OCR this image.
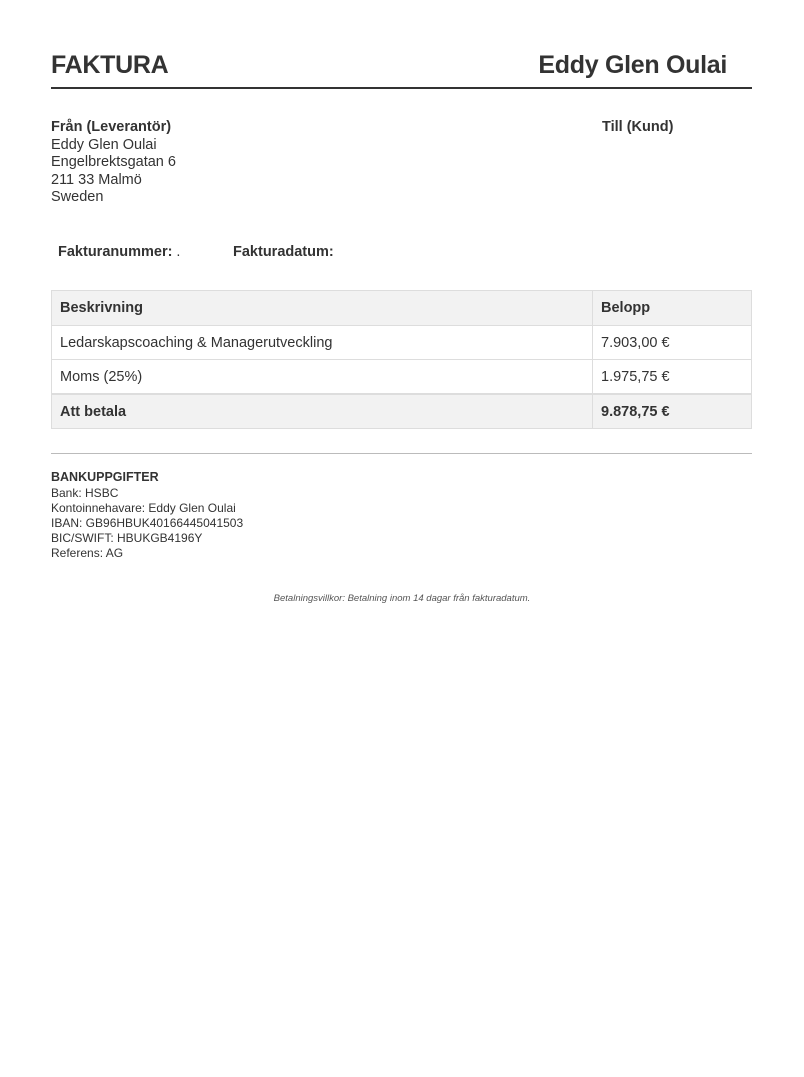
FAKTURA	Eddy Glen Oulai
Från (Leverantör)
Eddy Glen Oulai
Engelbrektsgatan 6
211 33 Malmö
Sweden
Till (Kund)
Fakturanummer: .	Fakturadatum:
Beskrivning	Belopp
Ledarskapscoaching & Managerutveckling	7.903,00 €
Moms (25%)	1.975,75 €
Att betala	9.878,75 €
BANKUPPGIFTER
Bank: HSBC
Kontoinnehavare: Eddy Glen Oulai
IBAN: GB96HBUK40166445041503
BIC/SWIFT: HBUKGB4196Y
Referens: AG
Betalningsvillkor: Betalning inom 14 dagar från fakturadatum.
